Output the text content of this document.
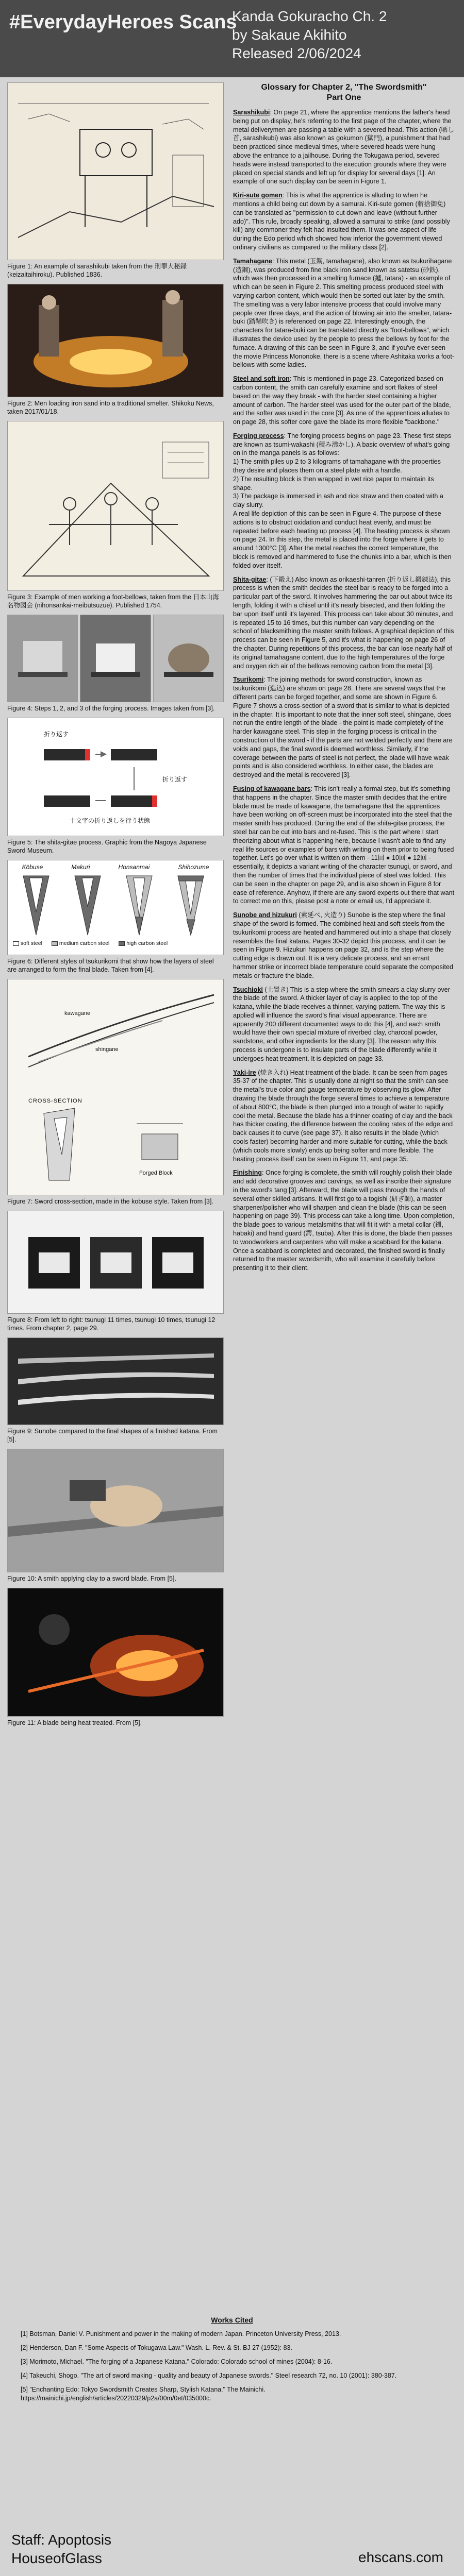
#EverydayHeroes Scans
Kanda Gokuracho Ch. 2
by Sakaue Akihito
Released 2/06/2024
Figure 1: An example of sarashikubi taken from the 刑罪大秘録 (keizaitaihiroku). Published 1836.
Figure 2: Men loading iron sand into a traditional smelter. Shikoku News, taken 2017/01/18.
Figure 3: Example of men working a foot-bellows, taken from the 日本山海名物図会 (nihonsankai-meibutsuzue). Published 1754.
Figure 4: Steps 1, 2, and 3 of the forging process. Images taken from [3].
折り返す
折り返す
十文字の折り返しを行う状態
Figure 5: The shita-gitae process. Graphic from the Nagoya Japanese Sword Museum.
Kōbuse	Makuri	Honsanmai	Shihozume
soft steel	medium carbon steel	high carbon steel
Figure 6: Different styles of tsukurikomi that show how the layers of steel are arranged to form the final blade. Taken from [4].
kawagane
shingane
CROSS-SECTION
Forged Block
Figure 7: Sword cross-section, made in the kobuse style. Taken from [3].
Figure 8: From left to right: tsunugi 11 times, tsunugi 10 times, tsunugi 12 times. From chapter 2, page 29.
Figure 9: Sunobe compared to the final shapes of a finished katana. From [5].
Figure 10: A smith applying clay to a sword blade. From [5].
Figure 11: A blade being heat treated. From [5].
Glossary for Chapter 2, "The Swordsmith"
Part One
Sarashikubi: On page 21, where the apprentice mentions the father's head being put on display, he's referring to the first page of the chapter, where the metal deliverymen are passing a table with a severed head. This action (晒し首, sarashikubi) was also known as gokumon (獄門), a punishment that had been practiced since medieval times, where severed heads were hung above the entrance to a jailhouse. During the Tokugawa period, severed heads were instead transported to the execution grounds where they were placed on special stands and left up for display for several days [1]. An example of one such display can be seen in Figure 1.
Kiri-sute gomen: This is what the apprentice is alluding to when he mentions a child being cut down by a samurai. Kiri-sute gomen (斬捨御免) can be translated as "permission to cut down and leave (without further ado)". This rule, broadly speaking, allowed a samurai to strike (and possibly kill) any commoner they felt had insulted them. It was one aspect of life during the Edo period which showed how inferior the government viewed ordinary civilians as compared to the military class [2].
Tamahagane: This metal (玉鋼, tamahagane), also known as tsukurihagane (造鋼), was produced from fine black iron sand known as satetsu (砂鉄), which was then processed in a smelting furnace (鑪, tatara) - an example of which can be seen in Figure 2. This smelting process produced steel with varying carbon content, which would then be sorted out later by the smith. The smelting was a very labor intensive process that could involve many people over three days, and the action of blowing air into the smelter, tatara-buki (踏鞴吹き) is referenced on page 22. Interestingly enough, the characters for tatara-buki can be translated directly as "foot-bellows", which illustrates the device used by the people to press the bellows by foot for the furnace. A drawing of this can be seen in Figure 3, and if you've ever seen the movie Princess Mononoke, there is a scene where Ashitaka works a foot-bellows with some ladies.
Steel and soft iron: This is mentioned in page 23. Categorized based on carbon content, the smith can carefully examine and sort flakes of steel based on the way they break - with the harder steel containing a higher amount of carbon. The harder steel was used for the outer part of the blade, and the softer was used in the core [3]. As one of the apprentices alludes to on page 28, this softer core gave the blade its more flexible "backbone."
Forging process: The forging process begins on page 23. These first steps are known as tsumi-wakashi (積み沸かし). A basic overview of what's going on in the manga panels is as follows:
1) The smith piles up 2 to 3 kilograms of tamahagane with the properties they desire and places them on a steel plate with a handle.
2) The resulting block is then wrapped in wet rice paper to maintain its shape.
3) The package is immersed in ash and rice straw and then coated with a clay slurry.
A real life depiction of this can be seen in Figure 4. The purpose of these actions is to obstruct oxidation and conduct heat evenly, and must be repeated before each heating up process [4]. The heating process is shown on page 24. In this step, the metal is placed into the forge where it gets to around 1300°C [3]. After the metal reaches the correct temperature, the block is removed and hammered to fuse the chunks into a bar, which is then folded over itself.
Shita-gitae: (下鍛え) Also known as orikaeshi-tanren (折り返し鍛錬法), this process is when the smith decides the steel bar is ready to be forged into a particular part of the sword. It involves hammering the bar out about twice its length, folding it with a chisel until it's nearly bisected, and then folding the bar upon itself until it's layered. This process can take about 30 minutes, and is repeated 15 to 16 times, but this number can vary depending on the school of blacksmithing the master smith follows. A graphical depiction of this process can be seen in Figure 5, and it's what is happening on page 26 of the chapter. During repetitions of this process, the bar can lose nearly half of its original tamahagane content, due to the high temperatures of the forge and oxygen rich air of the bellows removing carbon from the metal [3].
Tsurikomi: The joining methods for sword construction, known as tsukurikomi (造込) are shown on page 28. There are several ways that the different parts can be forged together, and some are shown in Figure 6. Figure 7 shows a cross-section of a sword that is similar to what is depicted in the chapter. It is important to note that the inner soft steel, shingane, does not run the entire length of the blade - the point is made completely of the harder kawagane steel. This step in the forging process is critical in the construction of the sword - if the parts are not welded perfectly and there are voids and gaps, the final sword is deemed worthless. Similarly, if the coverage between the parts of steel is not perfect, the blade will have weak points and is also considered worthless. In either case, the blades are destroyed and the metal is recovered [3].
Fusing of kawagane bars: This isn't really a formal step, but it's something that happens in the chapter. Since the master smith decides that the entire blade must be made of kawagane, the tamahagane that the apprentices have been working on off-screen must be incorporated into the steel that the master smith has produced. During the end of the shita-gitae process, the steel bar can be cut into bars and re-fused. This is the part where I start theorizing about what is happening here, because I wasn't able to find any real life sources or examples of bars with writing on them prior to being fused together. Let's go over what is written on them - 11回 ● 10回 ● 12回 - essentially, it depicts a variant writing of the character tsunugi, or sword, and then the number of times that the individual piece of steel was folded. This can be seen in the chapter on page 29, and is also shown in Figure 8 for ease of reference. Anyhow, if there are any sword experts out there that want to correct me on this, please post a note or email us, I'd appreciate it.
Sunobe and hizukuri (素延べ, 火造り) Sunobe is the step where the final shape of the sword is formed. The combined heat and soft steels from the tsukurikomi process are heated and hammered out into a shape that closely resembles the final katana. Pages 30-32 depict this process, and it can be seen in Figure 9. Hizukuri happens on page 32, and is the step where the cutting edge is drawn out. It is a very delicate process, and an errant hammer strike or incorrect blade temperature could separate the composited metals or fracture the blade.
Tsuchioki (土置き) This is a step where the smith smears a clay slurry over the blade of the sword. A thicker layer of clay is applied to the top of the katana, while the blade receives a thinner, varying pattern. The way this is applied will influence the sword's final visual appearance. There are apparently 200 different documented ways to do this [4], and each smith would have their own special mixture of riverbed clay, charcoal powder, sandstone, and other ingredients for the slurry [3]. The reason why this process is undergone is to insulate parts of the blade differently while it undergoes heat treatment. It is depicted on page 33.
Yaki-ire (焼き入れ) Heat treatment of the blade. It can be seen from pages 35-37 of the chapter. This is usually done at night so that the smith can see the metal's true color and gauge temperature by observing its glow. After drawing the blade through the forge several times to achieve a temperature of about 800°C, the blade is then plunged into a trough of water to rapidly cool the metal. Because the blade has a thinner coating of clay and the back has thicker coating, the difference between the cooling rates of the edge and back causes it to curve (see page 37). It also results in the blade (which cools faster) becoming harder and more suitable for cutting, while the back (which cools more slowly) ends up being softer and more flexible. The heating process itself can be seen in Figure 11, and page 35.
Finishing: Once forging is complete, the smith will roughly polish their blade and add decorative grooves and carvings, as well as inscribe their signature in the sword's tang [3]. Afterward, the blade will pass through the hands of several other skilled artisans. It will first go to a togishi (研ぎ師), a master sharpener/polisher who will sharpen and clean the blade (this can be seen happening on page 39). This process can take a long time. Upon completion, the blade goes to various metalsmiths that will fit it with a metal collar (鎺, habaki) and hand guard (鍔, tsuba). After this is done, the blade then passes to woodworkers and carpenters who will make a scabbard for the katana. Once a scabbard is completed and decorated, the finished sword is finally returned to the master swordsmith, who will examine it carefully before presenting it to their client.
Works Cited

[1] Botsman, Daniel V. Punishment and power in the making of modern Japan. Princeton University Press, 2013.

[2] Henderson, Dan F. "Some Aspects of Tokugawa Law." Wash. L. Rev. & St. BJ 27 (1952): 83.

[3] Morimoto, Michael. "The forging of a Japanese Katana." Colorado: Colorado school of mines (2004): 8-16.

[4] Takeuchi, Shogo. "The art of sword making - quality and beauty of Japanese swords." Steel research 72, no. 10 (2001): 380-387.

[5] "Enchanting Edo: Tokyo Swordsmith Creates Sharp, Stylish Katana." The Mainichi. https://mainichi.jp/english/articles/20220329/p2a/00m/0et/035000c.

Staff: Apoptosis
HouseofGlass	ehscans.com
